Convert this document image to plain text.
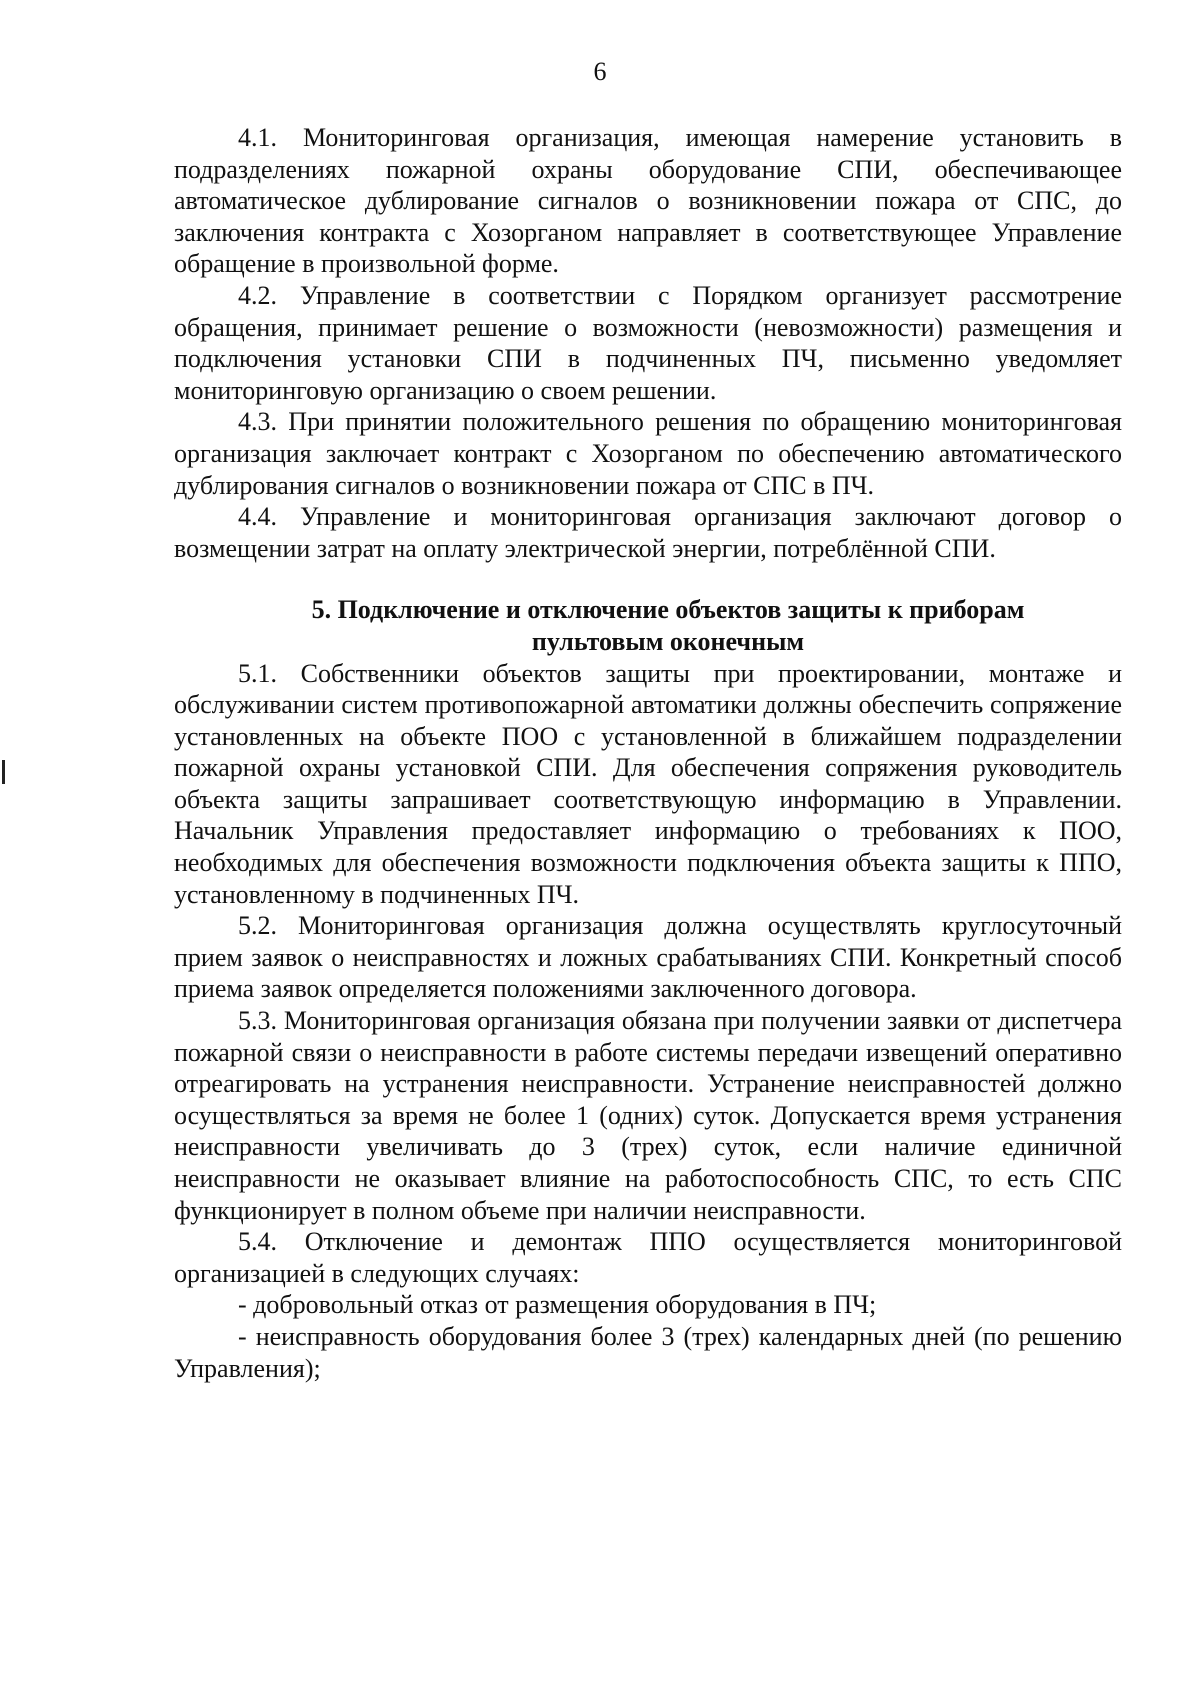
6

4.1. Мониторинговая организация, имеющая намерение установить в подразделениях пожарной охраны оборудование СПИ, обеспечивающее автоматическое дублирование сигналов о возникновении пожара от СПС, до заключения контракта с Хозорганом направляет в соответствующее Управление обращение в произвольной форме.

4.2. Управление в соответствии с Порядком организует рассмотрение обращения, принимает решение о возможности (невозможности) размещения и подключения установки СПИ в подчиненных ПЧ, письменно уведомляет мониторинговую организацию о своем решении.

4.3. При принятии положительного решения по обращению мониторинговая организация заключает контракт с Хозорганом по обеспечению автоматического дублирования сигналов о возникновении пожара от СПС в ПЧ.

4.4. Управление и мониторинговая организация заключают договор о возмещении затрат на оплату электрической энергии, потреблённой СПИ.

5. Подключение и отключение объектов защиты к приборам пультовым оконечным

5.1. Собственники объектов защиты при проектировании, монтаже и обслуживании систем противопожарной автоматики должны обеспечить сопряжение установленных на объекте ПОО с установленной в ближайшем подразделении пожарной охраны установкой СПИ. Для обеспечения сопряжения руководитель объекта защиты запрашивает соответствующую информацию в Управлении. Начальник Управления предоставляет информацию о требованиях к ПОО, необходимых для обеспечения возможности подключения объекта защиты к ППО, установленному в подчиненных ПЧ.

5.2. Мониторинговая организация должна осуществлять круглосуточный прием заявок о неисправностях и ложных срабатываниях СПИ. Конкретный способ приема заявок определяется положениями заключенного договора.

5.3. Мониторинговая организация обязана при получении заявки от диспетчера пожарной связи о неисправности в работе системы передачи извещений оперативно отреагировать на устранения неисправности. Устранение неисправностей должно осуществляться за время не более 1 (одних) суток. Допускается время устранения неисправности увеличивать до 3 (трех) суток, если наличие единичной неисправности не оказывает влияние на работоспособность СПС, то есть СПС функционирует в полном объеме при наличии неисправности.

5.4. Отключение и демонтаж ППО осуществляется мониторинговой организацией в следующих случаях:

- добровольный отказ от размещения оборудования в ПЧ;

- неисправность оборудования более 3 (трех) календарных дней (по решению Управления);
